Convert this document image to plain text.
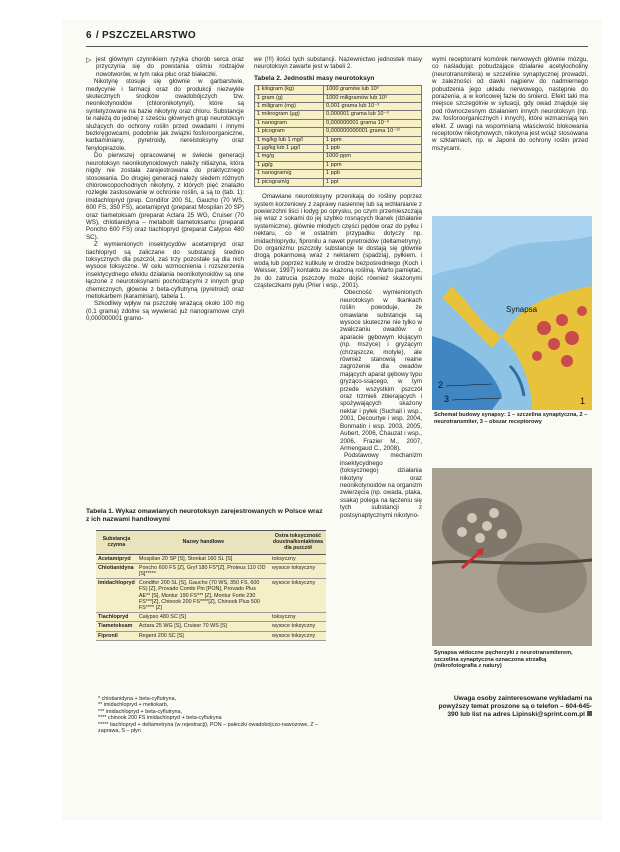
6 / PSZCZELARSTWO
▷ jest głównym czynnikiem ryzyka chorób serca oraz przyczynia się do powstania ośmiu rodzajów nowotworów, w tym raka płuc oraz białaczki.

Nikotynę stosuje się głównie w garbarstwie, medycynie i farmacji oraz do produkcji niezwykle skutecznych środków owadobójczych tzw. neonikotynoidów (chloronikotynyli), które są syntetyzowane na bazie nikotyny oraz chloru. Substancje te należą do jednej z sześciu głównych grup neurotoksyn służących do ochrony roślin przed owadami i innymi bezkręgowcami, podobnie jak związki fosforoorganiczne, karbaminiany, pyretroidy, nereistoksyny oraz fenylopirazole.

Do pierwszej opracowanej w świecie generacji neurotoksyn neonikotynoidowych należy nitiazyna, która nigdy nie została zarejestrowana do praktycznego stosowania. Do drugiej generacji należy siedem różnych chlorowcopochodnych nikotyny, z których pięć znalazło rozległe zastosowanie w ochronie roślin, a są to (tab. 1): imidachlopryd (prep. Condifor 200 SL, Gaucho (70 WS, 600 FS, 350 FS), acetamipryd (preparat Mospilan 20 SP) oraz tiametoksam (preparat Actara 25 WG, Cruiser (70 WS), chlotianidyna – metabolit tiametoksamu (preparat Poncho 600 FS) oraz tiachlopryd (preparat Calypso 480 SC).

Z wymienionych insektycydów acetamipryd oraz tiachlopryd są zaliczane do substancji średnio toksycznych dla pszczół, zaś trzy pozostałe są dla nich wysoce toksyczne. W celu wzmocnienia i rozszerzenia insektycydnego efektu działania neonikotynoidów są one łączone z neurotoksynami pochodzącymi z innych grup chemicznych, głównie z beta-cyflutryną (pyretroid) oraz metiokarbem (karaminian), tabela 1.

Szkodliwy wpływ na pszczołę wrażącą około 100 mg (0,1 grama) zdolne są wywierać już nanogramowe czyli 0,000000001 gramo-

we (!!!) ilości tych substancji. Nazewnictwo jednostek masy neurotoksyn zawarte jest w tabeli 2.

Tabela 2. Jednostki masy neurotoksyn
1 kilogram (kg)	1000 gramów lub 10³
1 gram (g)	1000 miligramów lub 10³
1 miligram (mg)	0,001 grama lub 10⁻³
1 mikrogram (µg)	0,000001 grama lub 10⁻⁶
1 nanogram	0,000000001 grama 10⁻⁹
1 picogram	0,000000000001 grama 10⁻¹²
1 mg/kg lub 1 mg/l	1 ppm
1 µg/kg lub 1 µg/l	1 ppb
1 mg/g	1000 ppm
1 µg/g	1 ppm
1 nanogram/g	1 ppb
1 picogram/g	1 ppt

Omawiane neurotoksyny przenikają do rośliny poprzez system korzeniowy z zaprawy nasiennej lub są wchłanianie z powierzchni liści i łodyg po oprysku, po czym przemieszczają się wraz z sokami do jej szybko rosnących tkanek (działanie systemiczne), głównie młodych części pędów oraz do pyłku i nektaru, co w ostatnim przypadku dotyczy np. imidachloprydu, fipronilu a nawet pyretroidów (deltametryny). Do organizmu pszczoły substancje te dostają się głównie drogą pokarmową wraz z nektarem (spadzią), pyłkiem, i wodą lub poprzez kutikulę w drodze bezpośredniego (Koch i Weisser, 1997) kontaktu ze skażoną rośliną. Warto pamiętać, że do zatrucia pszczoły może dojść również skażonymi cząsteczkami pyłu (Prier i wsp., 2001).

Obecność wymienionych neurotoksyn w tkankach roślin powoduje, że omawiane substancje są wysoce skuteczne nie tylko w zwalczaniu owadów o aparacie gębowym kłującym (np. mszyce) i gryzącym (chrząszcze, motyle), ale również stanowią realne zagrożenie dla owadów mających aparat gębowy typu gryząco-ssącego, w tym przede wszystkim pszczół oraz trzmieli zbierających i spożywających skażony nektar i pyłek (Suchail i wsp., 2001, Decourtye i wsp. 2004, Bonmatin i wsp. 2003, 2005, Aubert, 2006, Chauzat i wsp., 2006, Frazier M., 2007, Armengaud C., 2008).

Podstawowy mechanizm insektycydnego (toksycznego) działania nikotyny oraz neonikotynoidów na organizm zwierzęcia (np. owada, ptaka, ssaka) polega na łączeniu się tych substancji z postsynaptycznymi nikotyno-

wymi receptorami komórek nerwowych głównie mózgu, co naśladując pobudzające działanie acetylocholiny (neurotransmitera) w szczelinie synaptycznej prowadzi, w zależności od dawki najpierw do nadmiernego pobudzenia jego układu nerwowego, następnie do porażenia, a w końcowej fazie do śmierci. Efekt taki ma miejsce szczególnie w sytuacji, gdy owad znajduje się pod równoczesnym działaniem innych neurotoksyn (np. zw. fosforoorganicznych i innych), które wzmacniają ten efekt. Z uwagi na wspomnianą właściwość blokowania receptorów nikotynowych, nikotyna jest wciąż stosowana w szklarniach, np. w Japonii do ochrony roślin przed mszycami.

Tabela 1. Wykaz omawianych neurotoksyn zarejestrowanych w Polsce wraz z ich nazwami handlowymi
Substancja czynna	Nazwy handlowe	Ostra toksyczność doustna/kontaktowa dla pszczół
Acetamipryd	Mospilan 20 SP [S], Stonkat 160 SL [S]	toksyczny
Chlotianidyna	Poncho 600 FS [Z], Gryf 180 FS*[Z], Proteus 110 OD [S]*****	wysoce toksyczny
Imidachlopryd	Condifor 200 SL [S], Gaucho (70 WS, 350 FS, 600 FS) [Z], Provado Combi Pin [PON], Provado Plus AE** [S], Montur 190 FS*** [Z], Montur Forte 230 FS***[Z], Chinook 200 FS****[Z], Chinook Plus 500 FS**** [Z]	wysoce toksyczny
Tiachlopryd	Calypso 480 SC [S]	toksyczny
Tiametoksam	Actara 25 WG [S], Cruiser 70 WS [S]	wysoce toksyczny
Fipronil	Regent 200 SC [S]	wysoce toksyczny
* chlotianidyna + beta-cyflutryna,
** imidachlopryd + metiokarb,
*** imidachlopryd + beta-cyflutryna,
**** chinook 200 FS imidachlopryd + beta-cyflutryna
***** tiachlopryd + deltametryna (w rejestracji), PON – pałeczki owadobójczo-nawozowe, Z – zaprawa, S – płyn
Synapsa
2
3	1
Schemat budowy synapsy: 1 – szczelina synaptyczna, 2 – neurotransmiter, 3 – obszar receptorowy
Synapsa widoczne pęcherzyki z neurotransmiterem, szczelina synaptyczna oznaczona strzałką (mikrofotografia z natury)
Uwaga osoby zainteresowane wykładami na powyższy temat proszone są o telefon – 604-645-390 lub list na adres Lipinski@sprint.com.pl
